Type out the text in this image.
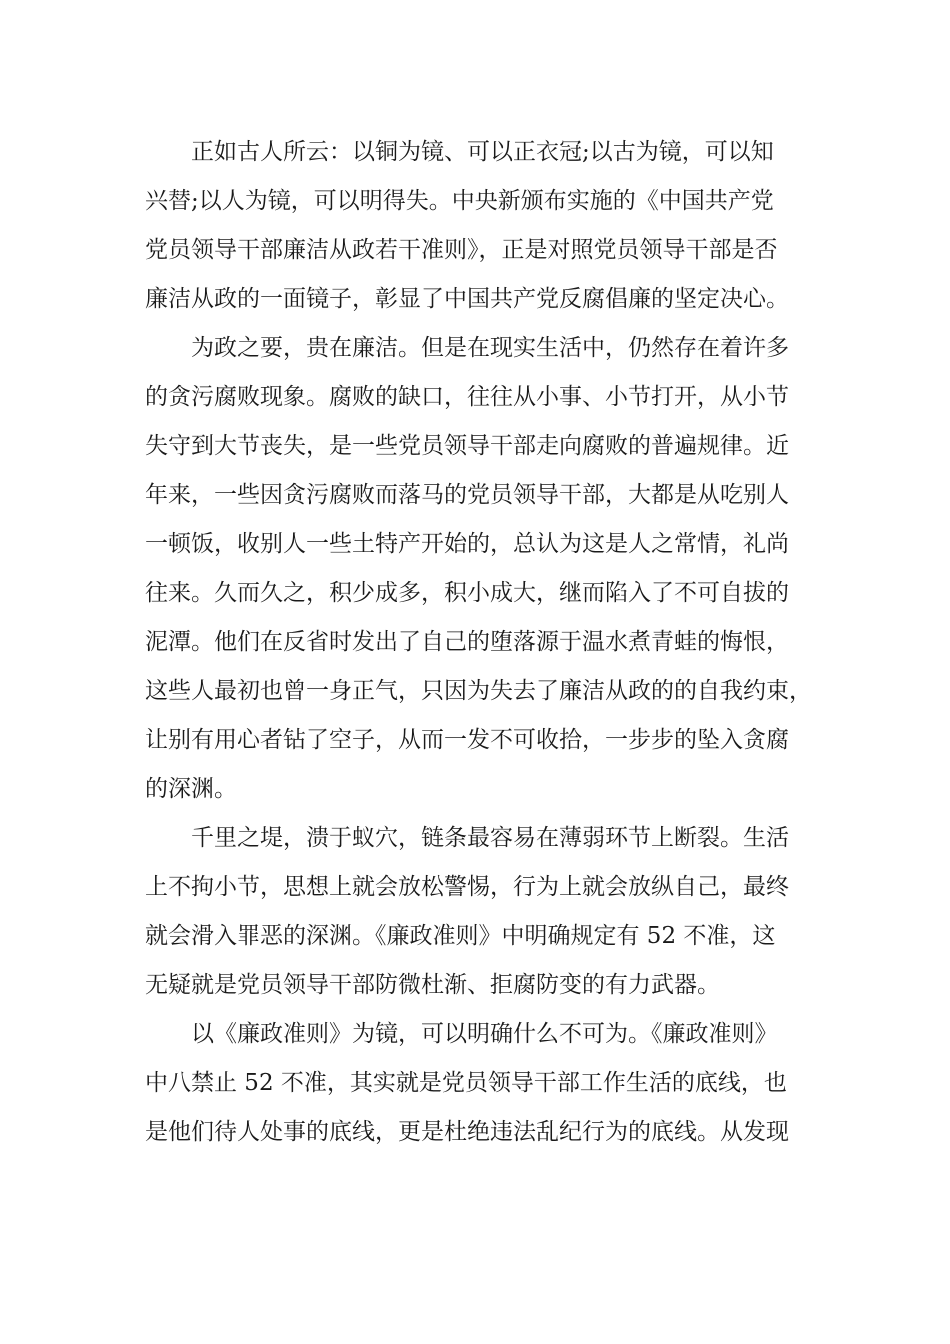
正如古人所云：以铜为镜、可以正衣冠;以古为镜，可以知
兴替;以人为镜，可以明得失。中央新颁布实施的《中国共产党
党员领导干部廉洁从政若干准则》，正是对照党员领导干部是否
廉洁从政的一面镜子，彰显了中国共产党反腐倡廉的坚定决心。
为政之要，贵在廉洁。但是在现实生活中，仍然存在着许多
的贪污腐败现象。腐败的缺口，往往从小事、小节打开，从小节
失守到大节丧失，是一些党员领导干部走向腐败的普遍规律。近
年来，一些因贪污腐败而落马的党员领导干部，大都是从吃别人
一顿饭，收别人一些土特产开始的，总认为这是人之常情，礼尚
往来。久而久之，积少成多，积小成大，继而陷入了不可自拔的
泥潭。他们在反省时发出了自己的堕落源于温水煮青蛙的悔恨，
这些人最初也曾一身正气，只因为失去了廉洁从政的的自我约束，
让别有用心者钻了空子，从而一发不可收拾，一步步的坠入贪腐
的深渊。
千里之堤，溃于蚁穴，链条最容易在薄弱环节上断裂。生活
上不拘小节，思想上就会放松警惕，行为上就会放纵自己，最终
就会滑入罪恶的深渊。《廉政准则》中明确规定有 52 不准，这
无疑就是党员领导干部防微杜渐、拒腐防变的有力武器。
以《廉政准则》为镜，可以明确什么不可为。《廉政准则》
中八禁止 52 不准，其实就是党员领导干部工作生活的底线，也
是他们待人处事的底线，更是杜绝违法乱纪行为的底线。从发现
